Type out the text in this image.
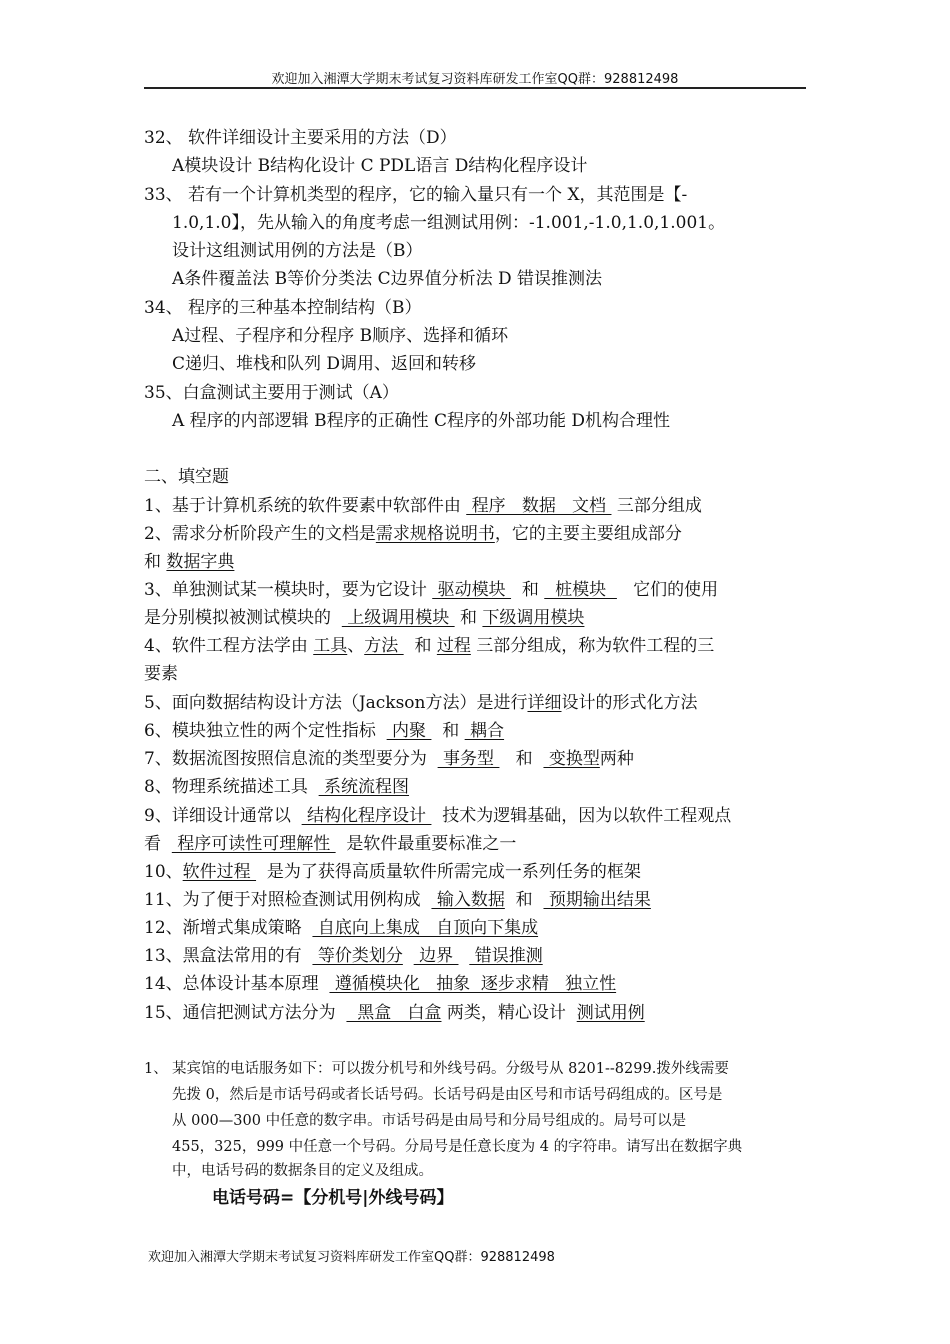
欢迎加入湘潭大学期末考试复习资料库研发工作室QQ群：928812498
32、 软件详细设计主要采用的方法（D）
A模块设计 B结构化设计 C PDL语言 D结构化程序设计
33、 若有一个计算机类型的程序，它的输入量只有一个 X，其范围是【-
1.0,1.0】，先从输入的角度考虑一组测试用例：-1.001,-1.0,1.0,1.001。
设计这组测试用例的方法是（B）
A条件覆盖法 B等价分类法 C边界值分析法 D 错误推测法
34、 程序的三种基本控制结构（B）
A过程、子程序和分程序 B顺序、选择和循环
C递归、堆栈和队列 D调用、返回和转移
35、白盒测试主要用于测试（A）
A 程序的内部逻辑 B程序的正确性 C程序的外部功能 D机构合理性
二、填空题
1、基于计算机系统的软件要素中软部件由  程序   数据   文档  三部分组成
2、需求分析阶段产生的文档是需求规格说明书，它的主要主要组成部分
和 数据字典
3、单独测试某一模块时，要为它设计  驱动模块   和   桩模块     它们的使用
是分别模拟被测试模块的   上级调用模块  和 下级调用模块
4、软件工程方法学由 工具、方法   和 过程 三部分组成，称为软件工程的三
要素
5、面向数据结构设计方法（Jackson方法）是进行详细设计的形式化方法
6、模块独立性的两个定性指标   内聚   和  耦合
7、数据流图按照信息流的类型要分为   事务型    和   变换型两种
8、物理系统描述工具   系统流程图
9、详细设计通常以   结构化程序设计   技术为逻辑基础，因为以软件工程观点
看   程序可读性可理解性   是软件最重要标准之一
10、软件过程   是为了获得高质量软件所需完成一系列任务的框架
11、为了便于对照检查测试用例构成   输入数据  和   预期输出结果
12、渐增式集成策略   自底向上集成   自顶向下集成
13、黑盒法常用的有   等价类划分   边界    错误推测
14、总体设计基本原理   遵循模块化   抽象  逐步求精   独立性
15、通信把测试方法分为    黑盒   白盒 两类，精心设计  测试用例
1、 某宾馆的电话服务如下：可以拨分机号和外线号码。分级号从 8201--8299.拨外线需要
先拨 0，然后是市话号码或者长话号码。长话号码是由区号和市话号码组成的。区号是
从 000—300 中任意的数字串。市话号码是由局号和分局号组成的。局号可以是
455，325，999 中任意一个号码。分局号是任意长度为 4 的字符串。请写出在数据字典
中，电话号码的数据条目的定义及组成。
电话号码=【分机号|外线号码】
欢迎加入湘潭大学期末考试复习资料库研发工作室QQ群：928812498
